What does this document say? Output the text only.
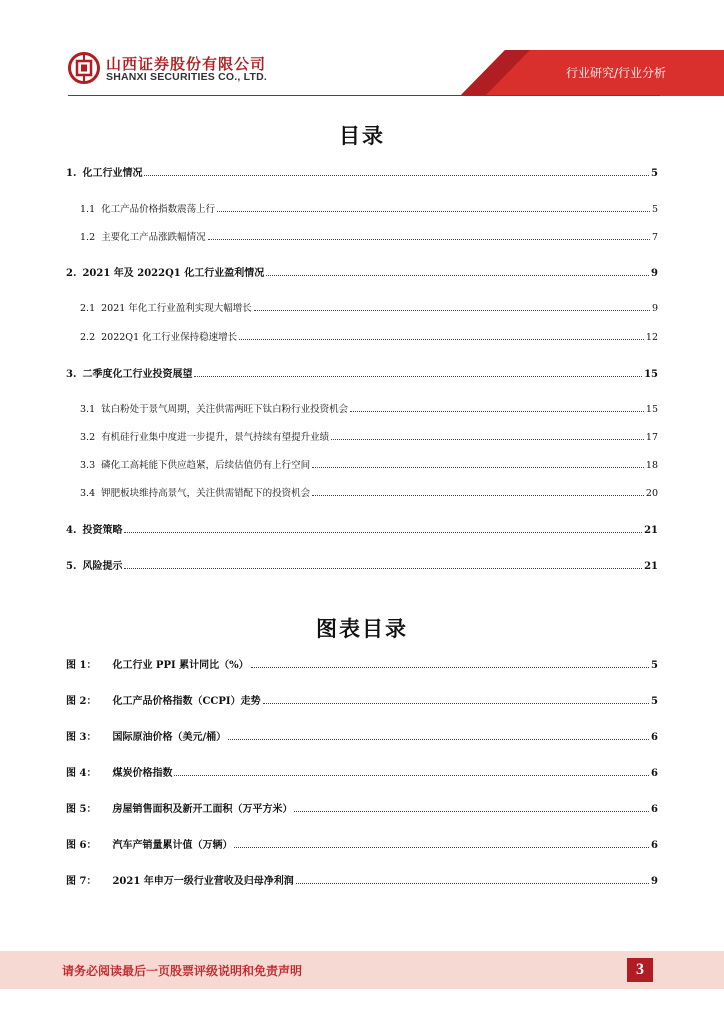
山西证券股份有限公司
SHANXI SECURITIES CO., LTD.	行业研究/行业分析
目录
1. 化工行业情况	5
1.1 化工产品价格指数震荡上行	5
1.2 主要化工产品涨跌幅情况	7
2. 2021 年及 2022Q1 化工行业盈利情况	9
2.1 2021 年化工行业盈利实现大幅增长	9
2.2 2022Q1 化工行业保持稳速增长	12
3. 二季度化工行业投资展望	15
3.1 钛白粉处于景气周期，关注供需两旺下钛白粉行业投资机会	15
3.2 有机硅行业集中度进一步提升，景气持续有望提升业绩	17
3.3 磷化工高耗能下供应趋紧，后续估值仍有上行空间	18
3.4 钾肥板块维持高景气，关注供需错配下的投资机会	20
4. 投资策略	21
5. 风险提示	21
图表目录
图 1： 化工行业 PPI 累计同比（%）	5
图 2： 化工产品价格指数（CCPI）走势	5
图 3： 国际原油价格（美元/桶）	6
图 4： 煤炭价格指数	6
图 5： 房屋销售面积及新开工面积（万平方米）	6
图 6： 汽车产销量累计值（万辆）	6
图 7： 2021 年申万一级行业营收及归母净利润	9
请务必阅读最后一页股票评级说明和免责声明	3
